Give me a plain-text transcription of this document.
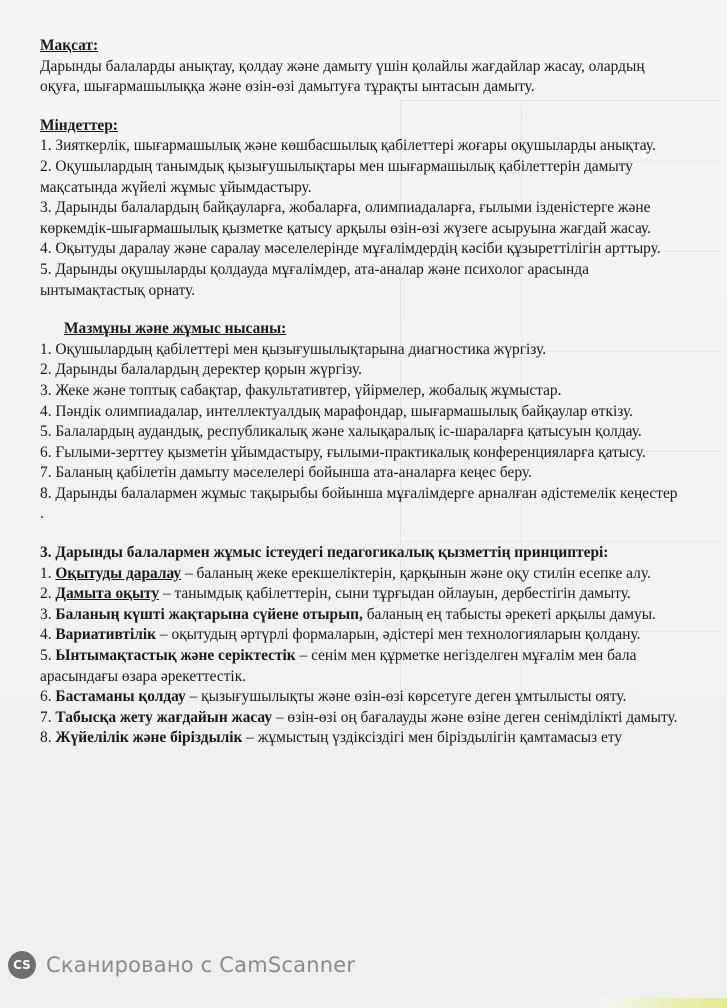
Мақсат:

Дарынды балаларды анықтау, қолдау және дамыту үшін қолайлы жағдайлар жасау, олардың оқуға, шығармашылыққа және өзін-өзі дамытуға тұрақты ынтасын дамыту.

Міндеттер:

1. Зияткерлік, шығармашылық және көшбасшылық қабілеттері жоғары оқушыларды анықтау.

2. Оқушылардың танымдық қызығушылықтары мен шығармашылық қабілеттерін дамыту мақсатында жүйелі жұмыс ұйымдастыру.

3. Дарынды балалардың байқауларға, жобаларға, олимпиадаларға, ғылыми ізденістерге және көркемдік-шығармашылық қызметке қатысу арқылы өзін-өзі жүзеге асыруына жағдай жасау.

4. Оқытуды даралау және саралау мәселелерінде мұғалімдердің кәсіби құзыреттілігін арттыру.

5. Дарынды оқушыларды қолдауда мұғалімдер, ата-аналар және психолог арасында ынтымақтастық орнату.

Мазмұны және жұмыс нысаны:

1. Оқушылардың қабілеттері мен қызығушылықтарына диагностика жүргізу.

2. Дарынды балалардың деректер қорын жүргізу.

3. Жеке және топтық сабақтар, факультативтер, үйірмелер, жобалық жұмыстар.

4. Пәндік олимпиадалар, интеллектуалдық марафондар, шығармашылық байқаулар өткізу.

5. Балалардың аудандық, республикалық және халықаралық іс-шараларға қатысуын қолдау.

6. Ғылыми-зерттеу қызметін ұйымдастыру, ғылыми-практикалық конференцияларға қатысу.

7. Баланың қабілетін дамыту мәселелері бойынша ата-аналарға кеңес беру.

8. Дарынды балалармен жұмыс тақырыбы бойынша мұғалімдерге арналған әдістемелік кеңестер .

3. Дарынды балалармен жұмыс істеудегі педагогикалық қызметтің принциптері:

1. Оқытуды даралау – баланың жеке ерекшеліктерін, қарқынын және оқу стилін есепке алу.

2. Дамыта оқыту – танымдық қабілеттерін, сыни тұрғыдан ойлауын, дербестігін дамыту.

3. Баланың күшті жақтарына сүйене отырып, баланың ең табысты әрекеті арқылы дамуы.

4. Вариативтілік – оқытудың әртүрлі формаларын, әдістері мен технологияларын қолдану.

5. Ынтымақтастық және серіктестік – сенім мен құрметке негізделген мұғалім мен бала арасындағы өзара әрекеттестік.

6. Бастаманы қолдау – қызығушылықты және өзін-өзі көрсетуге деген ұмтылысты ояту.

7. Табысқа жету жағдайын жасау – өзін-өзі оң бағалауды және өзіне деген сенімділікті дамыту.

8. Жүйелілік және біріздылік – жұмыстың үздіксіздігі мен біріздылігін қамтамасыз ету

CS Сканировано с CamScanner
